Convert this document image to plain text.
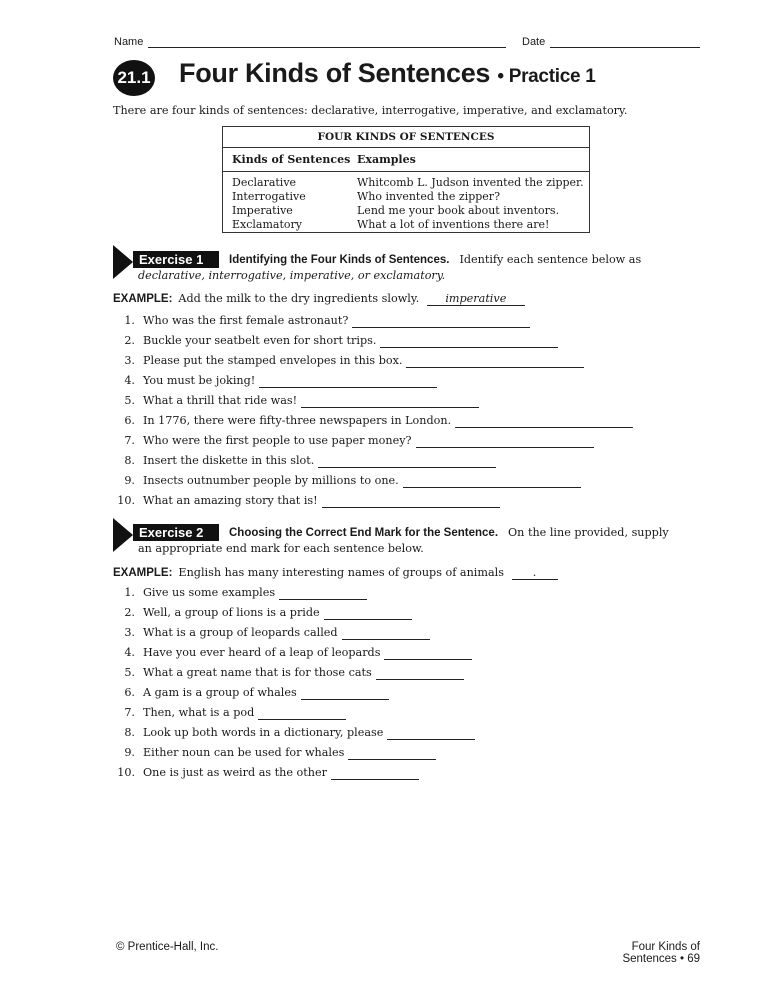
Name	Date
21.1 Four Kinds of Sentences • Practice 1
There are four kinds of sentences: declarative, interrogative, imperative, and exclamatory.
FOUR KINDS OF SENTENCES
Kinds of Sentences Examples
Declarative	Whitcomb L. Judson invented the zipper.
Interrogative	Who invented the zipper?
Imperative	Lend me your book about inventors.
Exclamatory	What a lot of inventions there are!
Exercise 1	Identifying the Four Kinds of Sentences. Identify each sentence below as
declarative, interrogative, imperative, or exclamatory.
EXAMPLE: Add the milk to the dry ingredients slowly. imperative
1. Who was the first female astronaut?
2. Buckle your seatbelt even for short trips.
3. Please put the stamped envelopes in this box.
4. You must be joking!
5. What a thrill that ride was!
6. In 1776, there were fifty-three newspapers in London.
7. Who were the first people to use paper money?
8. Insert the diskette in this slot.
9. Insects outnumber people by millions to one.
10. What an amazing story that is!
Exercise 2	Choosing the Correct End Mark for the Sentence. On the line provided, supply
an appropriate end mark for each sentence below.
EXAMPLE: English has many interesting names of groups of animals	.
1. Give us some examples
2. Well, a group of lions is a pride
3. What is a group of leopards called
4. Have you ever heard of a leap of leopards
5. What a great name that is for those cats
6. A gam is a group of whales
7. Then, what is a pod
8. Look up both words in a dictionary, please
9. Either noun can be used for whales
10. One is just as weird as the other
© Prentice-Hall, Inc.	Four Kinds of Sentences • 69
